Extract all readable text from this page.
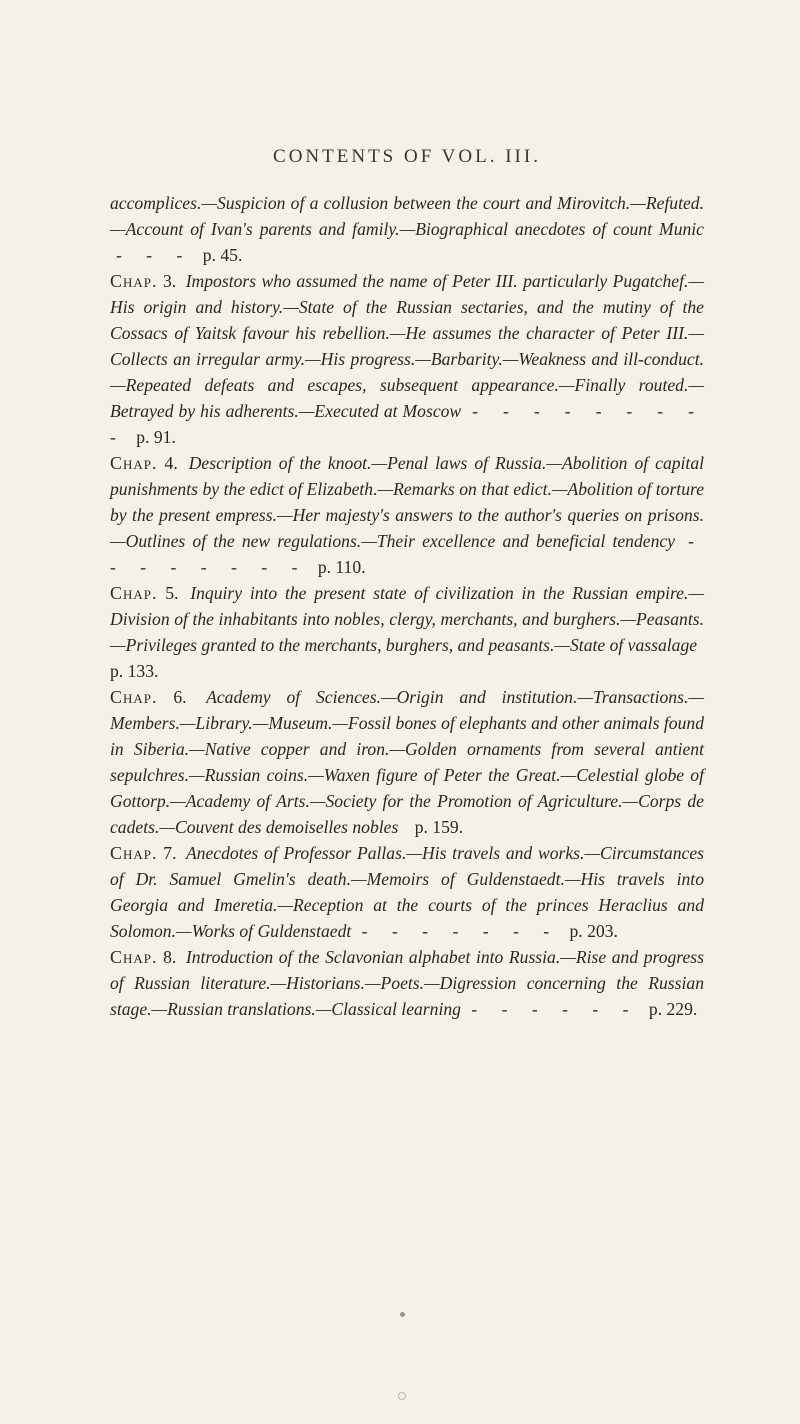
CONTENTS OF VOL. III.

accomplices.—Suspicion of a collusion between the court and Mirovitch.—Refuted.—Account of Ivan's parents and family.—Biographical anecdotes of count Munic - - - p. 45.

Chap. 3. Impostors who assumed the name of Peter III. particularly Pugatchef.—His origin and history.—State of the Russian sectaries, and the mutiny of the Cossacs of Yaitsk favour his rebellion.—He assumes the character of Peter III.—Collects an irregular army.—His progress.—Barbarity.—Weakness and ill-conduct.—Repeated defeats and escapes, subsequent appearance.—Finally routed.—Betrayed by his adherents.—Executed at Moscow - - - - - - - - - p. 91.

Chap. 4. Description of the knoot.—Penal laws of Russia.—Abolition of capital punishments by the edict of Elizabeth.—Remarks on that edict.—Abolition of torture by the present empress.—Her majesty's answers to the author's queries on prisons.—Outlines of the new regulations.—Their excellence and beneficial tendency - - - - - - - - p. 110.

Chap. 5. Inquiry into the present state of civilization in the Russian empire.—Division of the inhabitants into nobles, clergy, merchants, and burghers.—Peasants.—Privileges granted to the merchants, burghers, and peasants.—State of vassalage p. 133.

Chap. 6. Academy of Sciences.—Origin and institution.—Transactions.—Members.—Library.—Museum.—Fossil bones of elephants and other animals found in Siberia.—Native copper and iron.—Golden ornaments from several antient sepulchres.—Russian coins.—Waxen figure of Peter the Great.—Celestial globe of Gottorp.—Academy of Arts.—Society for the Promotion of Agriculture.—Corps de cadets.—Couvent des demoiselles nobles p. 159.

Chap. 7. Anecdotes of Professor Pallas.—His travels and works.—Circumstances of Dr. Samuel Gmelin's death.—Memoirs of Guldenstaedt.—His travels into Georgia and Imeretia.—Reception at the courts of the princes Heraclius and Solomon.—Works of Guldenstaedt - - - - - - - p. 203.

Chap. 8. Introduction of the Sclavonian alphabet into Russia.—Rise and progress of Russian literature.—Historians.—Poets.—Digression concerning the Russian stage.—Russian translations.—Classical learning - - - - - - p. 229.
